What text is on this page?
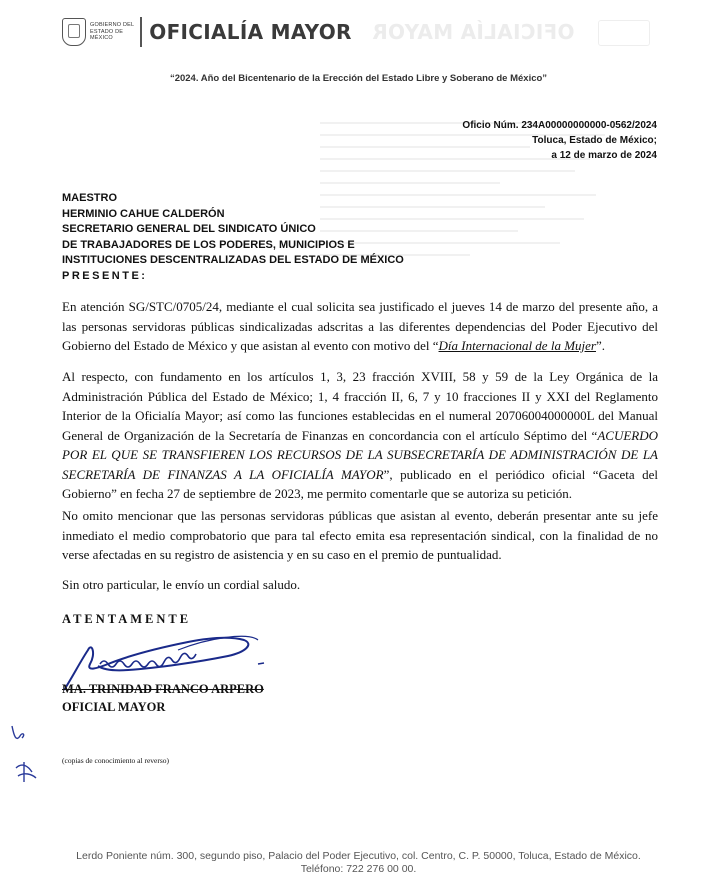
GOBIERNO DEL
ESTADO DE
MÉXICO	OFICIALÍA MAYOR OFICIALÍA MAYOR
“2024. Año del Bicentenario de la Erección del Estado Libre y Soberano de México”
Oficio Núm. 234A00000000000-0562/2024
Toluca, Estado de México;
a 12 de marzo de 2024
MAESTRO
HERMINIO CAHUE CALDERÓN
SECRETARIO GENERAL DEL SINDICATO ÚNICO
DE TRABAJADORES DE LOS PODERES, MUNICIPIOS E
INSTITUCIONES DESCENTRALIZADAS DEL ESTADO DE MÉXICO
PRESENTE:

En atención SG/STC/0705/24, mediante el cual solicita sea justificado el jueves 14 de marzo del presente año, a las personas servidoras públicas sindicalizadas adscritas a las diferentes dependencias del Poder Ejecutivo del Gobierno del Estado de México y que asistan al evento con motivo del “Día Internacional de la Mujer”.

Al respecto, con fundamento en los artículos 1, 3, 23 fracción XVIII, 58 y 59 de la Ley Orgánica de la Administración Pública del Estado de México; 1, 4 fracción II, 6, 7 y 10 fracciones II y XXI del Reglamento Interior de la Oficialía Mayor; así como las funciones establecidas en el numeral 20706004000000L del Manual General de Organización de la Secretaría de Finanzas en concordancia con el artículo Séptimo del “ACUERDO POR EL QUE SE TRANSFIEREN LOS RECURSOS DE LA SUBSECRETARÍA DE ADMINISTRACIÓN DE LA SECRETARÍA DE FINANZAS A LA OFICIALÍA MAYOR”, publicado en el periódico oficial “Gaceta del Gobierno” en fecha 27 de septiembre de 2023, me permito comentarle que se autoriza su petición.

No omito mencionar que las personas servidoras públicas que asistan al evento, deberán presentar ante su jefe inmediato el medio comprobatorio que para tal efecto emita esa representación sindical, con la finalidad de no verse afectadas en su registro de asistencia y en su caso en el premio de puntualidad.

Sin otro particular, le envío un cordial saludo.

ATENTAMENTE
MA. TRINIDAD FRANCO ARPERO
OFICIAL MAYOR
(copias de conocimiento al reverso)
Lerdo Poniente núm. 300, segundo piso, Palacio del Poder Ejecutivo, col. Centro, C. P. 50000, Toluca, Estado de México.
Teléfono: 722 276 00 00.
